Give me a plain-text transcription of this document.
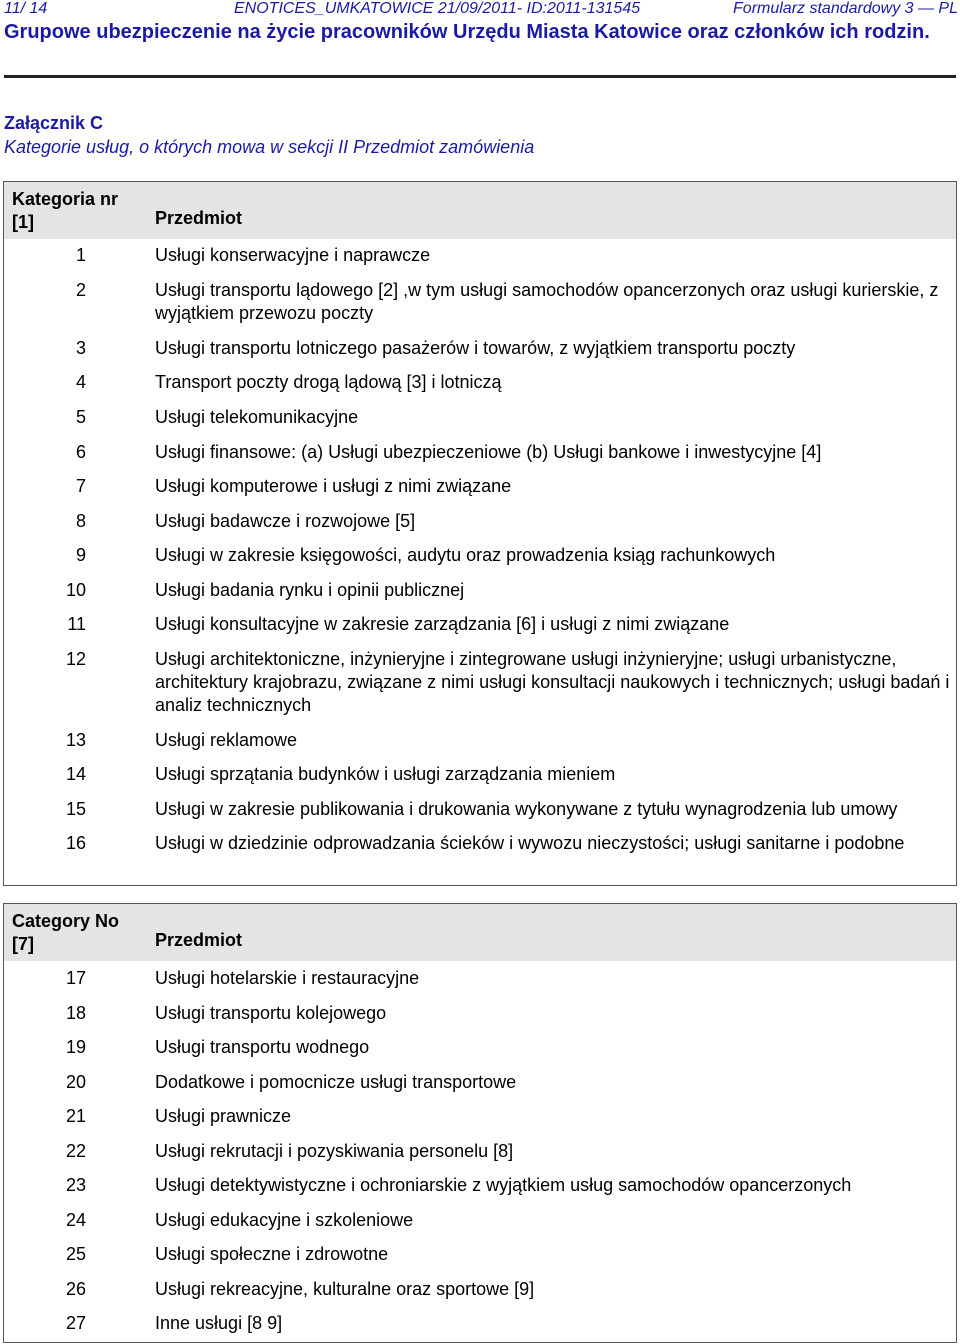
11/ 14	ENOTICES_UMKATOWICE 21/09/2011- ID:2011-131545	Formularz standardowy 3 — PL
Grupowe ubezpieczenie na życie pracowników Urzędu Miasta Katowice oraz członków ich rodzin.
Załącznik C
Kategorie usług, o których mowa w sekcji II Przedmiot zamówienia
Kategoria nr [1]	Przedmiot
1	Usługi konserwacyjne i naprawcze
2	Usługi transportu lądowego [2] ,w tym usługi samochodów opancerzonych oraz usługi kurierskie, z wyjątkiem przewozu poczty
3	Usługi transportu lotniczego pasażerów i towarów, z wyjątkiem transportu poczty
4	Transport poczty drogą lądową [3] i lotniczą
5	Usługi telekomunikacyjne
6	Usługi finansowe: (a) Usługi ubezpieczeniowe (b) Usługi bankowe i inwestycyjne [4]
7	Usługi komputerowe i usługi z nimi związane
8	Usługi badawcze i rozwojowe [5]
9	Usługi w zakresie księgowości, audytu oraz prowadzenia ksiąg rachunkowych
10	Usługi badania rynku i opinii publicznej
11	Usługi konsultacyjne w zakresie zarządzania [6] i usługi z nimi związane
12	Usługi architektoniczne, inżynieryjne i zintegrowane usługi inżynieryjne; usługi urbanistyczne, architektury krajobrazu, związane z nimi usługi konsultacji naukowych i technicznych; usługi badań i analiz technicznych
13	Usługi reklamowe
14	Usługi sprzątania budynków i usługi zarządzania mieniem
15	Usługi w zakresie publikowania i drukowania wykonywane z tytułu wynagrodzenia lub umowy
16	Usługi w dziedzinie odprowadzania ścieków i wywozu nieczystości; usługi sanitarne i podobne
Category No [7]	Przedmiot
17	Usługi hotelarskie i restauracyjne
18	Usługi transportu kolejowego
19	Usługi transportu wodnego
20	Dodatkowe i pomocnicze usługi transportowe
21	Usługi prawnicze
22	Usługi rekrutacji i pozyskiwania personelu [8]
23	Usługi detektywistyczne i ochroniarskie z wyjątkiem usług samochodów opancerzonych
24	Usługi edukacyjne i szkoleniowe
25	Usługi społeczne i zdrowotne
26	Usługi rekreacyjne, kulturalne oraz sportowe [9]
27	Inne usługi [8 9]
